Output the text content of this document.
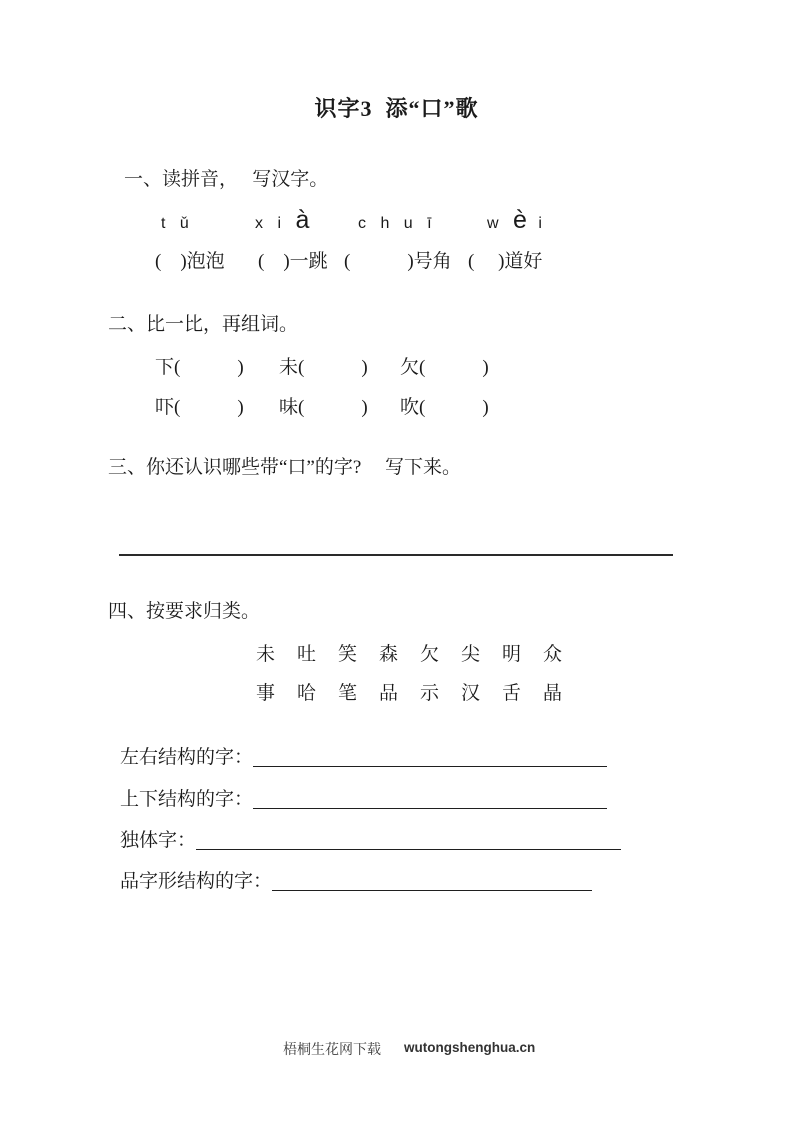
识字3  添“口”歌
一、读拼音，　 写汉字。
t ǔ	x i à	c h u ī	w è i
(　)泡泡 (　)一跳 (　　　)号角 (　 )道好
二、比一比，再组词。
下(　　　) 未(　　　) 欠(　　　)
吓(　　　) 味(　　　) 吹(　　　)
三、你还认识哪些带“口”的字?　 写下来。
四、按要求归类。
未　吐　笑　森　欠　尖　明　众
事　哈　笔　品　示　汉　舌　晶
左右结构的字：
上下结构的字：
独体字：
品字形结构的字：
梧桐生花网下载 wutongshenghua.cn
